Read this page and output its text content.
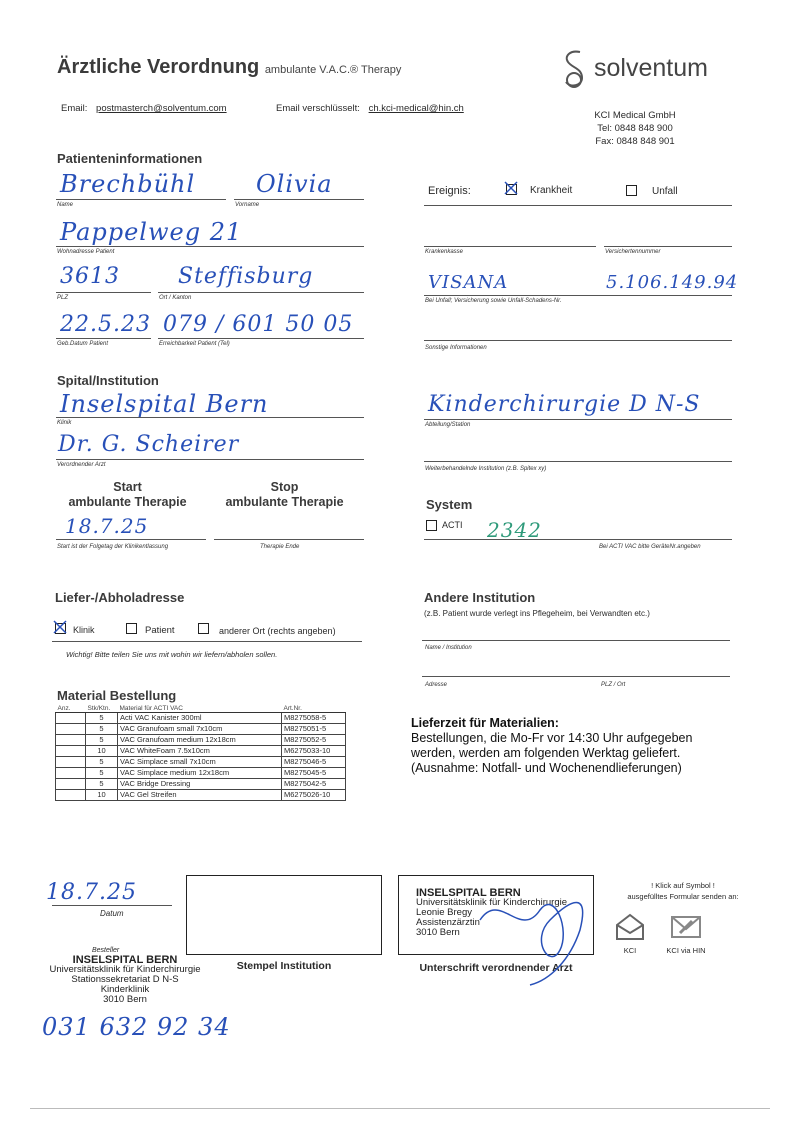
Ärztliche Verordnung ambulante V.A.C.® Therapy	solventum
Email: postmasterch@solventum.com	Email verschlüsselt: ch.kci-medical@hin.ch
KCI Medical GmbH
Tel: 0848 848 900
Fax: 0848 848 901
Patienteninformationen
Brechbühl
Name
Olivia
Vorname
Pappelweg 21
Wohnadresse Patient
3613
PLZ
Steffisburg
Ort / Kanton
22.5.23
Geb.Datum Patient
079 / 601 50 05
Erreichbarkeit Patient (Tel)
Ereignis:	Krankheit	Unfall
Krankenkasse	Versichertennummer
VISANA	5.106.149.94
Bei Unfall; Versicherung sowie Unfall-Schadens-Nr.
Sonstige Informationen
Spital/Institution
Inselspital Bern
Klinik
Dr. G. Scheirer
Verordnender Arzt
Kinderchirurgie D N-S
Abteilung/Station
Weiterbehandelnde Institution (z.B. Spitex xy)
Start
ambulante Therapie
Stop
ambulante Therapie
18.7.25
Start ist der Folgetag der Klinikentlassung	Therapie Ende
System
ACTI 2342
Bei ACTI VAC bitte GeräteNr.angeben
Liefer-/Abholadresse
Klinik	Patient	anderer Ort (rechts angeben)
Wichtig! Bitte teilen Sie uns mit wohin wir liefern/abholen sollen.
Andere Institution
(z.B. Patient wurde verlegt ins Pflegeheim, bei Verwandten etc.)
Name / Institution
Adresse	PLZ / Ort
Material Bestellung
Anz.	Stk/Ktn.	Material für ACTI VAC	Art.Nr.
	5	Acti VAC Kanister 300ml	M8275058-5
	5	VAC Granufoam small 7x10cm	M8275051-5
	5	VAC Granufoam medium 12x18cm	M8275052-5
	10	VAC WhiteFoam 7.5x10cm	M6275033-10
	5	VAC Simplace small 7x10cm	M8275046-5
	5	VAC Simplace medium 12x18cm	M8275045-5
	5	VAC Bridge Dressing	M8275042-5
	10	VAC Gel Streifen	M6275026-10
Lieferzeit für Materialien:
Bestellungen, die Mo-Fr vor 14:30 Uhr aufgegeben
werden, werden am folgenden Werktag geliefert.
(Ausnahme: Notfall- und Wochenendlieferungen)
18.7.25
Datum
Besteller
INSELSPITAL BERN
Universitätsklinik für Kinderchirurgie
Stationssekretariat D N-S
Kinderklinik
3010 Bern
031 632 92 34
Stempel Institution
INSELSPITAL BERN
Universitätsklinik für Kinderchirurgie
Leonie Bregy
Assistenzärztin
3010 Bern
Unterschrift verordnender Arzt
! Klick auf Symbol !
ausgefülltes Formular senden an:
KCI	KCI via HIN
